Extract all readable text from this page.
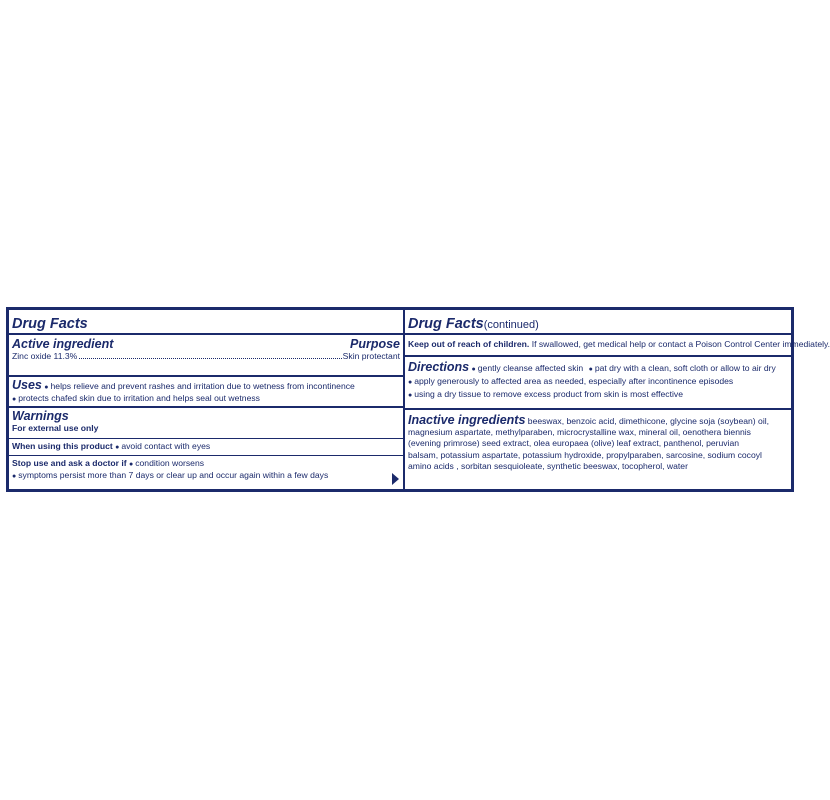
Drug Facts
Active ingredient	Purpose
Zinc oxide 11.3%	Skin protectant
Uses ● helps relieve and prevent rashes and irritation due to wetness from incontinence
● protects chafed skin due to irritation and helps seal out wetness
Warnings
For external use only
When using this product ● avoid contact with eyes
Stop use and ask a doctor if ● condition worsens
● symptoms persist more than 7 days or clear up and occur again within a few days
Drug Facts(continued)
Keep out of reach of children. If swallowed, get medical help or contact a Poison Control Center immediately.
Directions ● gently cleanse affected skin ● pat dry with a clean, soft cloth or allow to air dry
● apply generously to affected area as needed, especially after incontinence episodes
● using a dry tissue to remove excess product from skin is most effective
Inactive ingredients beeswax, benzoic acid, dimethicone, glycine soja (soybean) oil, magnesium aspartate, methylparaben, microcrystalline wax, mineral oil, oenothera biennis (evening primrose) seed extract, olea europaea (olive) leaf extract, panthenol, peruvian balsam, potassium aspartate, potassium hydroxide, propylparaben, sarcosine, sodium cocoyl amino acids , sorbitan sesquioleate, synthetic beeswax, tocopherol, water
